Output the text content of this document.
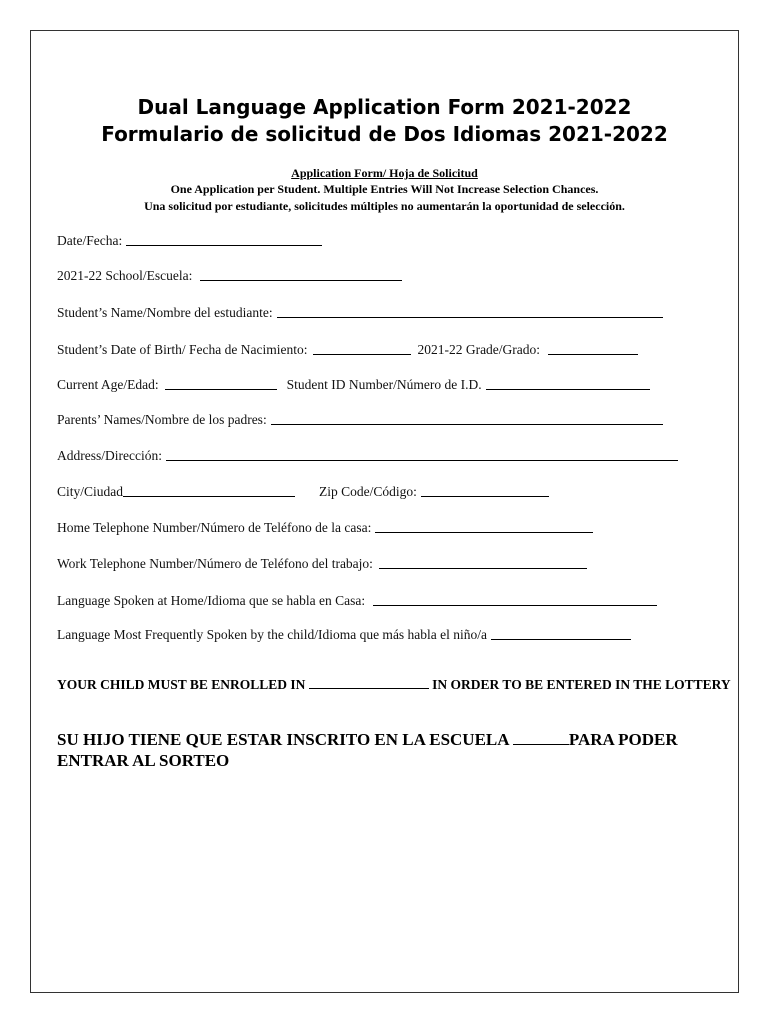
Dual Language Application Form 2021-2022
Formulario de solicitud de Dos Idiomas 2021-2022
Application Form/ Hoja de Solicitud
One Application per Student. Multiple Entries Will Not Increase Selection Chances.
Una solicitud por estudiante, solicitudes múltiples no aumentarán la oportunidad de selección.
Date/Fecha:
2021-22 School/Escuela:
Student’s Name/Nombre del estudiante:
Student’s Date of Birth/ Fecha de Nacimiento:	2021-22 Grade/Grado:
Current Age/Edad:	Student ID Number/Número de I.D.
Parents’ Names/Nombre de los padres:
Address/Dirección:
City/Ciudad	Zip Code/Código:
Home Telephone Number/Número de Teléfono de la casa:
Work Telephone Number/Número de Teléfono del trabajo:
Language Spoken at Home/Idioma que se habla en Casa:
Language Most Frequently Spoken by the child/Idioma que más habla el niño/a
YOUR CHILD MUST BE ENROLLED IN	IN ORDER TO BE ENTERED IN THE LOTTERY
SU HIJO TIENE QUE ESTAR INSCRITO EN LA ESCUELA	PARA PODER ENTRAR AL SORTEO
